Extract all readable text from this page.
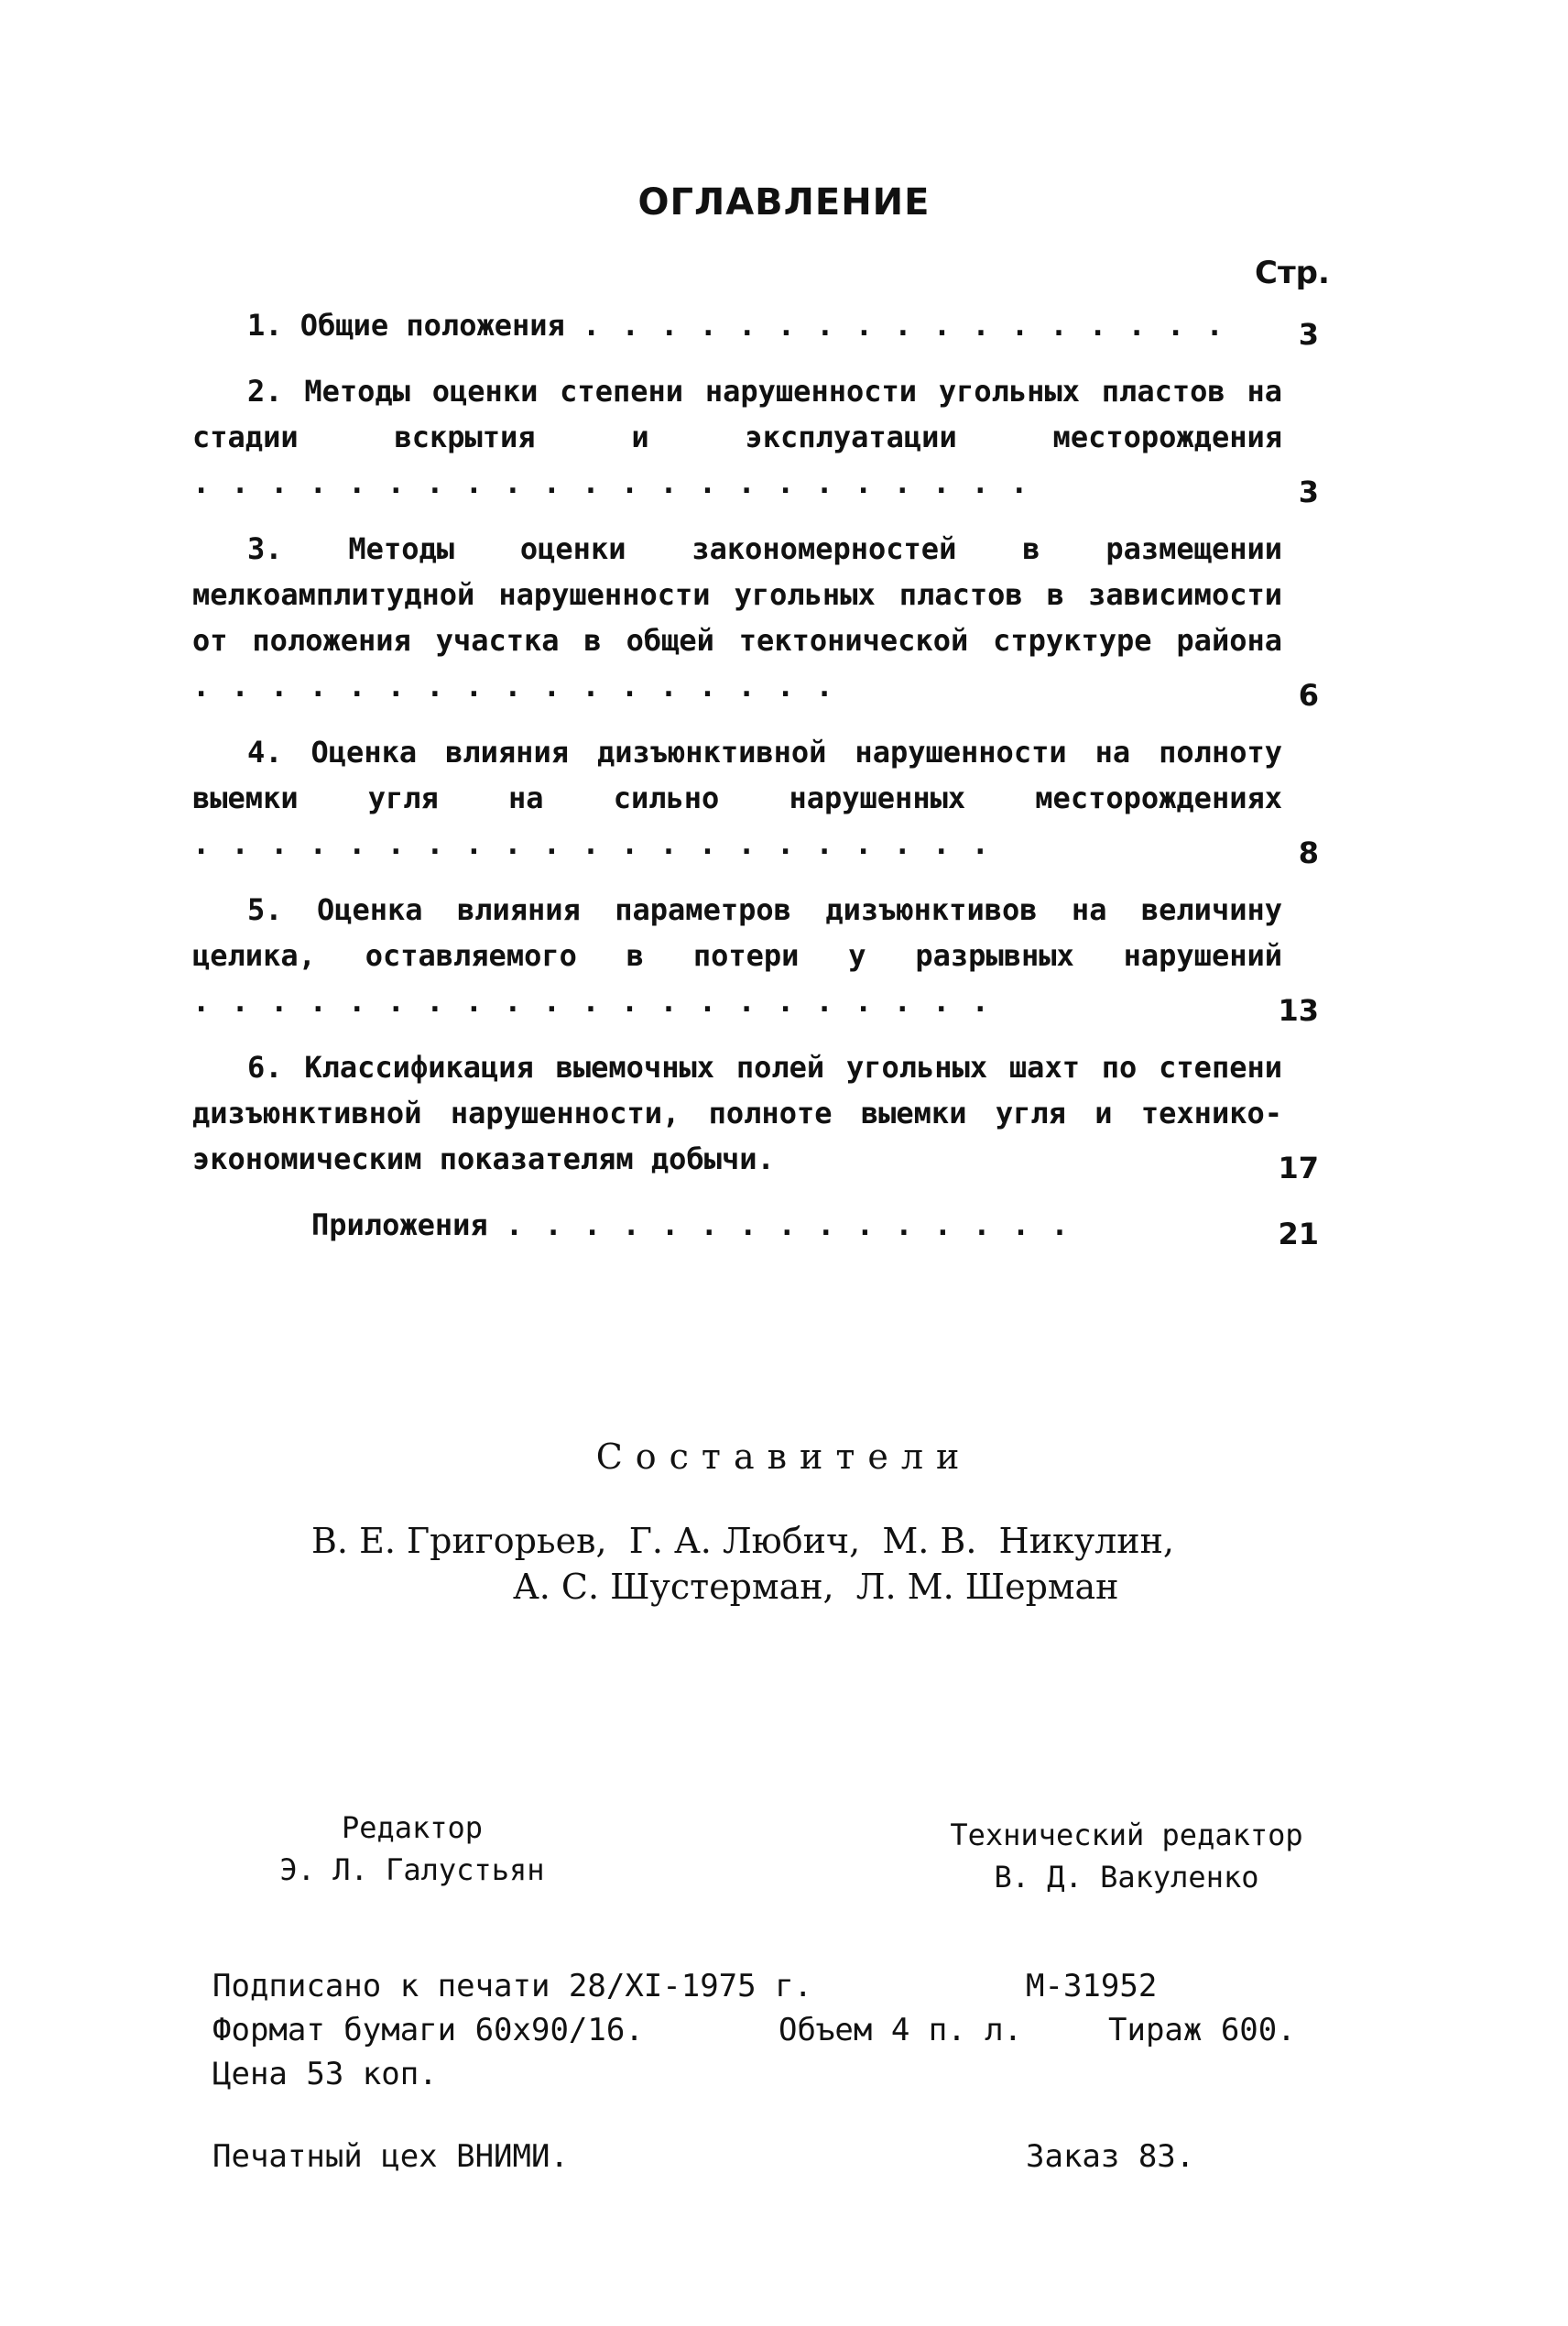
ОГЛАВЛЕНИЕ
Стр.
1. Общие положения . . . . . . . . . . . . . . . . .	3
2. Методы оценки степени нарушенности угольных пластов на стадии вскрытия и эксплуатации месторождения . . . . . . . . . . . . . . . . . . . . . .	3
3. Методы оценки закономерностей в размещении мелкоамплитудной нарушенности угольных пластов в зависимости от положения участка в общей тектонической структуре района . . . . . . . . . . . . . . . . .	6
4. Оценка влияния дизъюнктивной нарушенности на полноту выемки угля на сильно нарушенных месторождениях . . . . . . . . . . . . . . . . . . . . .	8
5. Оценка влияния параметров дизъюнктивов на величину целика, оставляемого в потери у разрывных нарушений . . . . . . . . . . . . . . . . . . . . .	13
6. Классификация выемочных полей угольных шахт по степени дизъюнктивной нарушенности, полноте выемки угля и технико-экономическим показателям добычи.	17
Приложения . . . . . . . . . . . . . . .	21
Составители
В. Е. Григорьев,  Г. А. Любич,  М. В.  Никулин,
А. С. Шустерман,  Л. М. Шерман
Редактор
Э. Л. Галустьян
Технический редактор
В. Д. Вакуленко
Подписано к печати 28/XI-1975 г.	М-31952
Формат бумаги 60х90/16.	Объем 4 п. л.	Тираж 600.
Цена 53 коп.
Печатный цех ВНИМИ.	Заказ 83.
